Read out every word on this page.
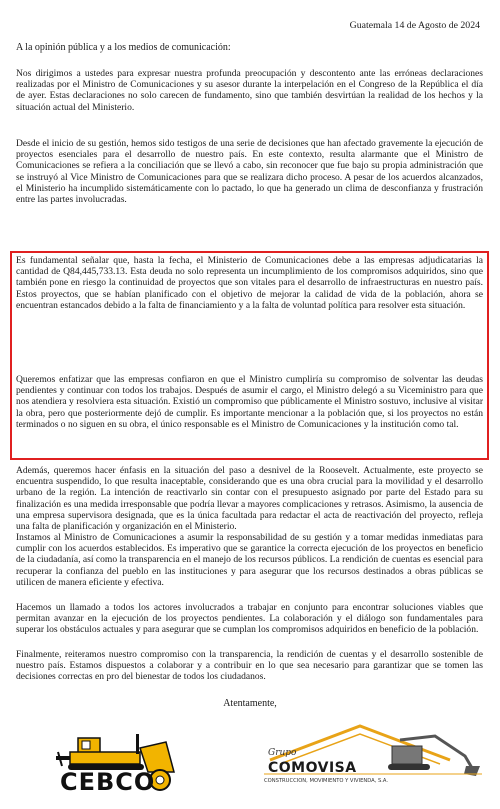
Guatemala 14 de Agosto de 2024
A la opinión pública y a los medios de comunicación:

Nos dirigimos a ustedes para expresar nuestra profunda preocupación y descontento ante las erróneas declaraciones realizadas por el Ministro de Comunicaciones y su asesor durante la interpelación en el Congreso de la República el día de ayer. Estas declaraciones no solo carecen de fundamento, sino que también desvirtúan la realidad de los hechos y la situación actual del Ministerio.

Desde el inicio de su gestión, hemos sido testigos de una serie de decisiones que han afectado gravemente la ejecución de proyectos esenciales para el desarrollo de nuestro país. En este contexto, resulta alarmante que el Ministro de Comunicaciones se refiera a la conciliación que se llevó a cabo, sin reconocer que fue bajo su propia administración que se instruyó al Vice Ministro de Comunicaciones para que se realizara dicho proceso. A pesar de los acuerdos alcanzados, el Ministerio ha incumplido sistemáticamente con lo pactado, lo que ha generado un clima de desconfianza y frustración entre las partes involucradas.

Es fundamental señalar que, hasta la fecha, el Ministerio de Comunicaciones debe a las empresas adjudicatarias la cantidad de Q84,445,733.13. Esta deuda no solo representa un incumplimiento de los compromisos adquiridos, sino que también pone en riesgo la continuidad de proyectos que son vitales para el desarrollo de infraestructuras en nuestro país. Estos proyectos, que se habían planificado con el objetivo de mejorar la calidad de vida de la población, ahora se encuentran estancados debido a la falta de financiamiento y a la falta de voluntad política para resolver esta situación.

Queremos enfatizar que las empresas confiaron en que el Ministro cumpliría su compromiso de solventar las deudas pendientes y continuar con todos los trabajos. Después de asumir el cargo, el Ministro delegó a su Viceministro para que nos atendiera y resolviera esta situación. Existió un compromiso que públicamente el Ministro sostuvo, inclusive al visitar la obra, pero que posteriormente dejó de cumplir. Es importante mencionar a la población que, si los proyectos no están terminados o no siguen en su obra, el único responsable es el Ministro de Comunicaciones y la institución como tal.

Además, queremos hacer énfasis en la situación del paso a desnivel de la Roosevelt. Actualmente, este proyecto se encuentra suspendido, lo que resulta inaceptable, considerando que es una obra crucial para la movilidad y el desarrollo urbano de la región. La intención de reactivarlo sin contar con el presupuesto asignado por parte del Estado para su finalización es una medida irresponsable que podría llevar a mayores complicaciones y retrasos. Asimismo, la ausencia de una empresa supervisora designada, que es la única facultada para redactar el acta de reactivación del proyecto, refleja una falta de planificación y organización en el Ministerio.

Instamos al Ministro de Comunicaciones a asumir la responsabilidad de su gestión y a tomar medidas inmediatas para cumplir con los acuerdos establecidos. Es imperativo que se garantice la correcta ejecución de los proyectos en beneficio de la ciudadanía, así como la transparencia en el manejo de los recursos públicos. La rendición de cuentas es esencial para recuperar la confianza del pueblo en las instituciones y para asegurar que los recursos destinados a obras públicas se utilicen de manera eficiente y efectiva.

Hacemos un llamado a todos los actores involucrados a trabajar en conjunto para encontrar soluciones viables que permitan avanzar en la ejecución de los proyectos pendientes. La colaboración y el diálogo son fundamentales para superar los obstáculos actuales y para asegurar que se cumplan los compromisos adquiridos en beneficio de la población.

Finalmente, reiteramos nuestro compromiso con la transparencia, la rendición de cuentas y el desarrollo sostenible de nuestro país. Estamos dispuestos a colaborar y a contribuir en lo que sea necesario para garantizar que se tomen las decisiones correctas en pro del bienestar de todos los ciudadanos.

Atentamente,
CEBCO
Grupo
COMOVISA
CONSTRUCCION, MOVIMIENTO Y VIVIENDA, S.A.
